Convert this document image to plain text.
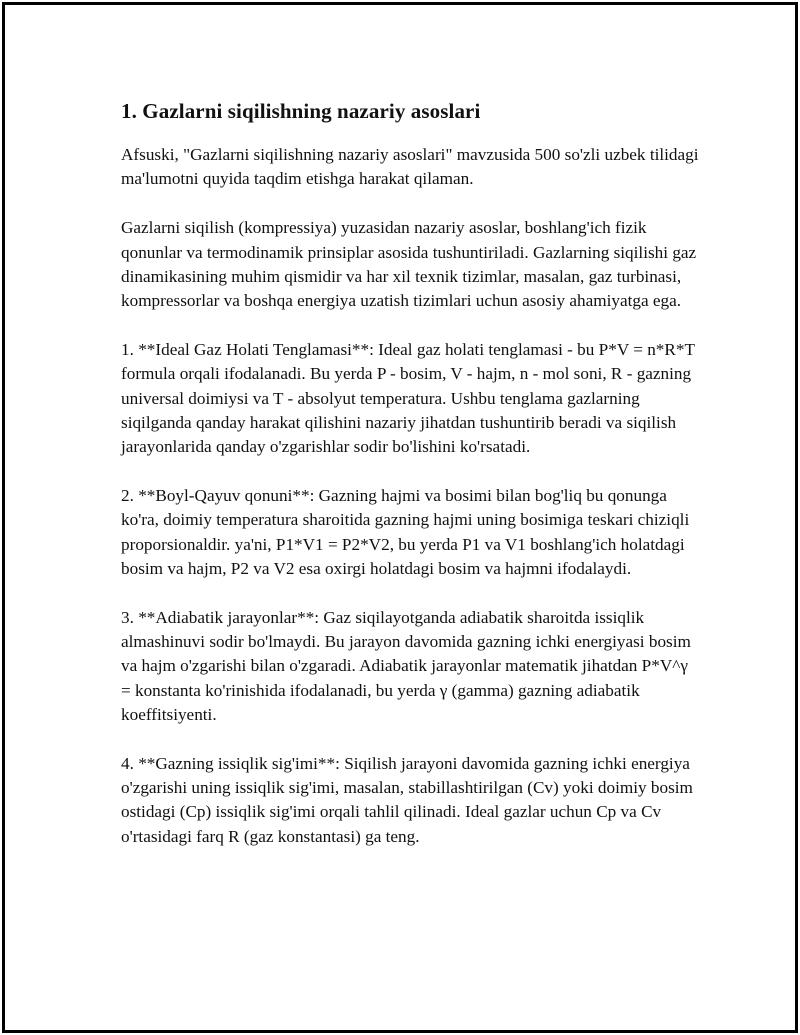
1. Gazlarni siqilishning nazariy asoslari

Afsuski, "Gazlarni siqilishning nazariy asoslari" mavzusida 500 so'zli uzbek tilidagi ma'lumotni quyida taqdim etishga harakat qilaman.

Gazlarni siqilish (kompressiya) yuzasidan nazariy asoslar, boshlang'ich fizik qonunlar va termodinamik prinsiplar asosida tushuntiriladi. Gazlarning siqilishi gaz dinamikasining muhim qismidir va har xil texnik tizimlar, masalan, gaz turbinasi, kompressorlar va boshqa energiya uzatish tizimlari uchun asosiy ahamiyatga ega.

1. **Ideal Gaz Holati Tenglamasi**: Ideal gaz holati tenglamasi - bu P*V = n*R*T formula orqali ifodalanadi. Bu yerda P - bosim, V - hajm, n - mol soni, R - gazning universal doimiysi va T - absolyut temperatura. Ushbu tenglama gazlarning siqilganda qanday harakat qilishini nazariy jihatdan tushuntirib beradi va siqilish jarayonlarida qanday o'zgarishlar sodir bo'lishini ko'rsatadi.

2. **Boyl-Qayuv qonuni**: Gazning hajmi va bosimi bilan bog'liq bu qonunga ko'ra, doimiy temperatura sharoitida gazning hajmi uning bosimiga teskari chiziqli proporsionaldir. ya'ni, P1*V1 = P2*V2, bu yerda P1 va V1 boshlang'ich holatdagi bosim va hajm, P2 va V2 esa oxirgi holatdagi bosim va hajmni ifodalaydi.

3. **Adiabatik jarayonlar**: Gaz siqilayotganda adiabatik sharoitda issiqlik almashinuvi sodir bo'lmaydi. Bu jarayon davomida gazning ichki energiyasi bosim va hajm o'zgarishi bilan o'zgaradi. Adiabatik jarayonlar matematik jihatdan P*V^γ = konstanta ko'rinishida ifodalanadi, bu yerda γ (gamma) gazning adiabatik koeffitsiyenti.

4. **Gazning issiqlik sig'imi**: Siqilish jarayoni davomida gazning ichki energiya o'zgarishi uning issiqlik sig'imi, masalan, stabillashtirilgan (Cv) yoki doimiy bosim ostidagi (Cp) issiqlik sig'imi orqali tahlil qilinadi. Ideal gazlar uchun Cp va Cv o'rtasidagi farq R (gaz konstantasi) ga teng.
